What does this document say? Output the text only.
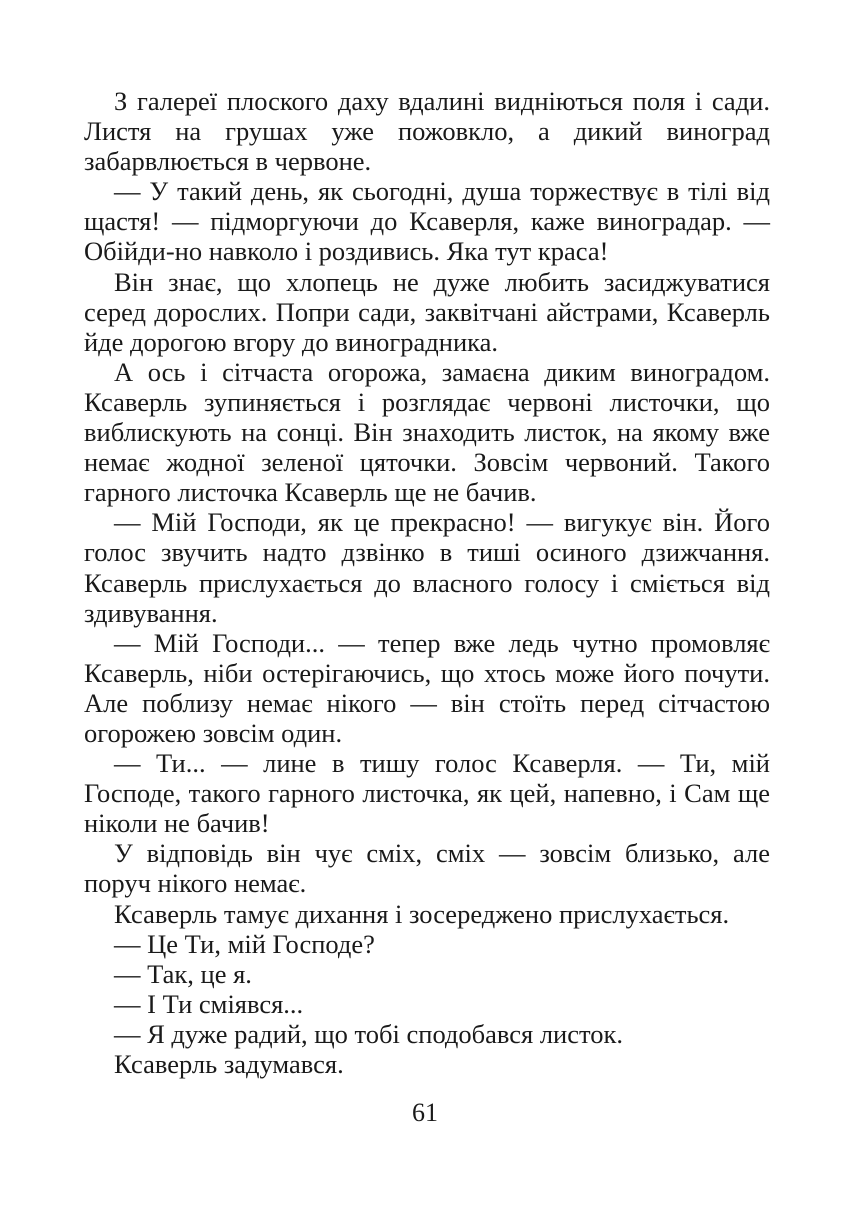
З галереї плоского даху вдалині видніються поля і сади. Листя на грушах уже пожовкло, а дикий виноград забарвлюється в червоне.

— У такий день, як сьогодні, душа торжествує в тілі від щастя! — підморгуючи до Ксаверля, каже виноградар. — Обійди-но навколо і роздивись. Яка тут краса!

Він знає, що хлопець не дуже любить засиджуватися серед дорослих. Попри сади, заквітчані айстрами, Ксаверль йде дорогою вгору до виноградника.

А ось і сітчаста огорожа, замаєна диким виноградом. Ксаверль зупиняється і розглядає червоні листочки, що виблискують на сонці. Він знаходить листок, на якому вже немає жодної зеленої цяточки. Зовсім червоний. Такого гарного листочка Ксаверль ще не бачив.

— Мій Господи, як це прекрасно! — вигукує він. Його голос звучить надто дзвінко в тиші осиного дзижчання. Ксаверль прислухається до власного голосу і сміється від здивування.

— Мій Господи... — тепер вже ледь чутно промовляє Ксаверль, ніби остерігаючись, що хтось може його почути. Але поблизу немає нікого — він стоїть перед сітчастою огорожею зовсім один.

— Ти... — лине в тишу голос Ксаверля. — Ти, мій Господе, такого гарного листочка, як цей, напевно, і Сам ще ніколи не бачив!

У відповідь він чує сміх, сміх — зовсім близько, але поруч нікого немає.

Ксаверль тамує дихання і зосереджено прислухається.

— Це Ти, мій Господе?

— Так, це я.

— І Ти сміявся...

— Я дуже радий, що тобі сподобався листок.

Ксаверль задумався.

61
